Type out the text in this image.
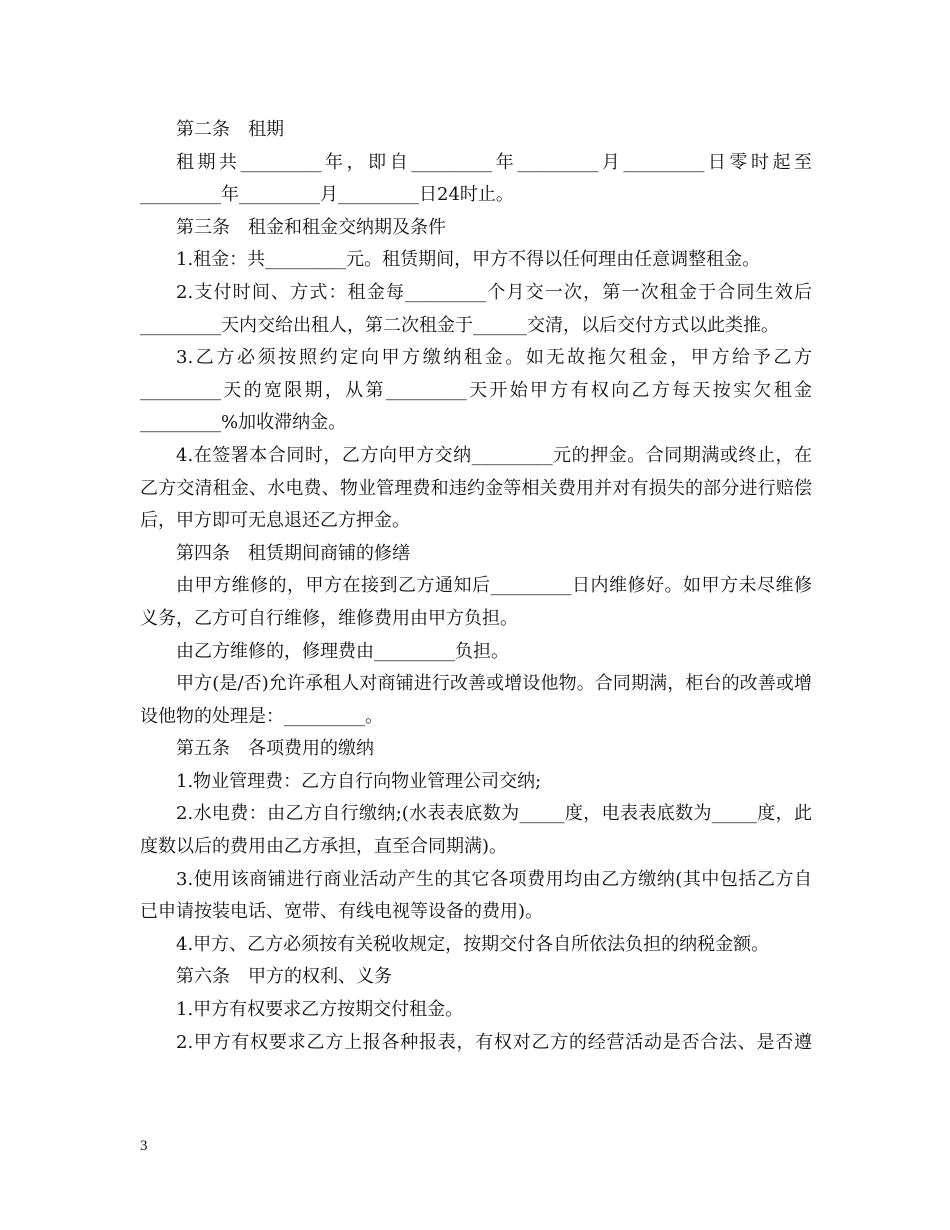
第二条　租期

租期共_________年，即自_________年_________月_________日零时起至_________年_________月_________日24时止。

第三条　租金和租金交纳期及条件

1.租金：共_________元。租赁期间，甲方不得以任何理由任意调整租金。

2.支付时间、方式：租金每_________个月交一次，第一次租金于合同生效后_________天内交给出租人，第二次租金于______交清，以后交付方式以此类推。

3.乙方必须按照约定向甲方缴纳租金。如无故拖欠租金，甲方给予乙方_________天的宽限期，从第_________天开始甲方有权向乙方每天按实欠租金_________%加收滞纳金。

4.在签署本合同时，乙方向甲方交纳_________元的押金。合同期满或终止，在乙方交清租金、水电费、物业管理费和违约金等相关费用并对有损失的部分进行赔偿后，甲方即可无息退还乙方押金。

第四条　租赁期间商铺的修缮

由甲方维修的，甲方在接到乙方通知后_________日内维修好。如甲方未尽维修义务，乙方可自行维修，维修费用由甲方负担。

由乙方维修的，修理费由_________负担。

甲方(是/否)允许承租人对商铺进行改善或增设他物。合同期满，柜台的改善或增设他物的处理是：_________。

第五条　各项费用的缴纳

1.物业管理费：乙方自行向物业管理公司交纳;

2.水电费：由乙方自行缴纳;(水表表底数为_____度，电表表底数为_____度，此度数以后的费用由乙方承担，直至合同期满)。

3.使用该商铺进行商业活动产生的其它各项费用均由乙方缴纳(其中包括乙方自已申请按装电话、宽带、有线电视等设备的费用)。

4.甲方、乙方必须按有关税收规定，按期交付各自所依法负担的纳税金额。

第六条　甲方的权利、义务

1.甲方有权要求乙方按期交付租金。

2.甲方有权要求乙方上报各种报表，有权对乙方的经营活动是否合法、是否遵

3
